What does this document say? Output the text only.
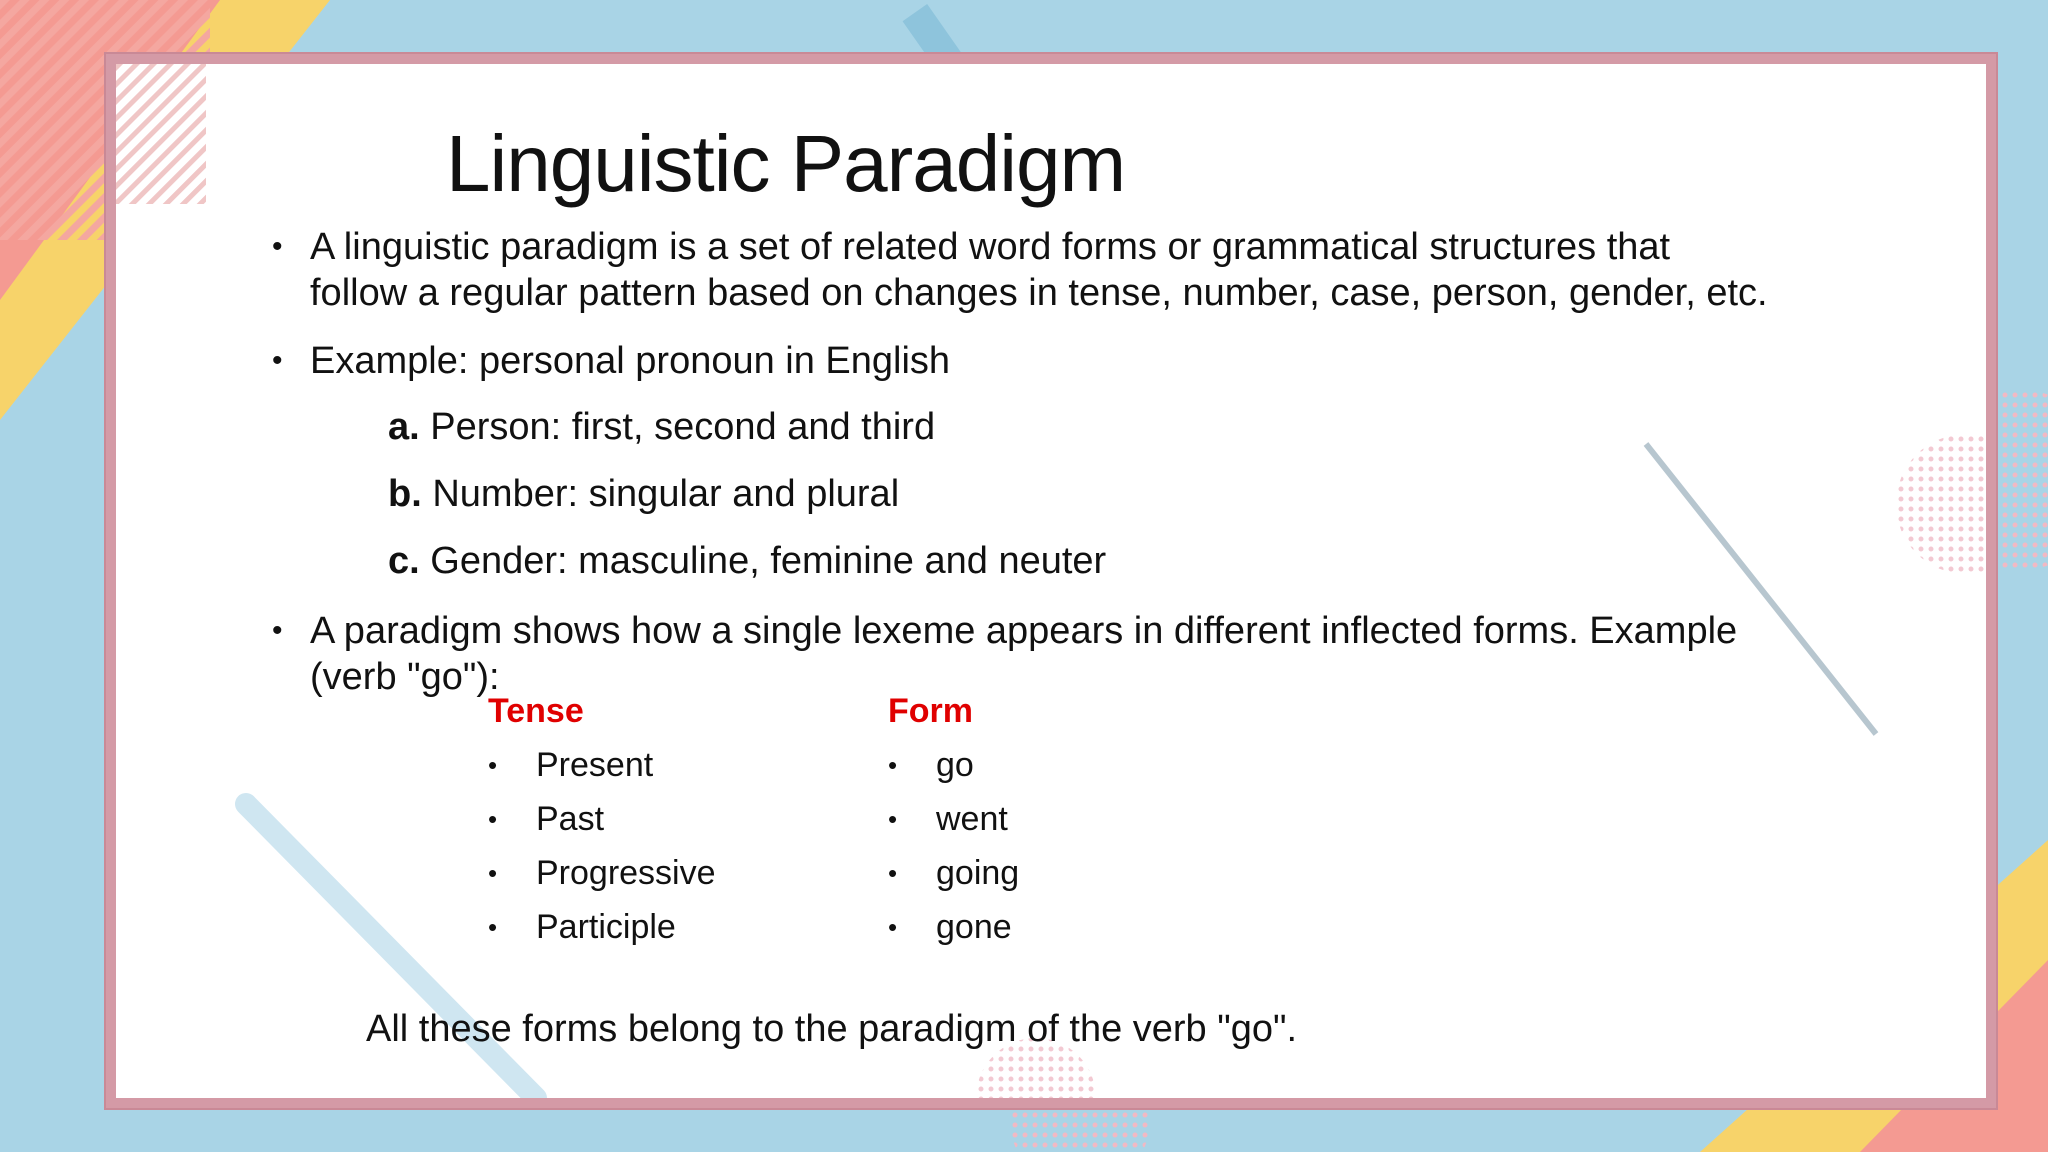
Linguistic Paradigm
• A linguistic paradigm is a set of related word forms or grammatical structures that
follow a regular pattern based on changes in tense, number, case, person, gender, etc.
• Example: personal pronoun in English
a. Person: first, second and third
b. Number: singular and plural
c. Gender: masculine, feminine and neuter
• A paradigm shows how a single lexeme appears in different inflected forms. Example
(verb "go"):
Tense	Form
• Present
• Past
• Progressive
• Participle
• go
• went
• going
• gone
All these forms belong to the paradigm of the verb "go".
